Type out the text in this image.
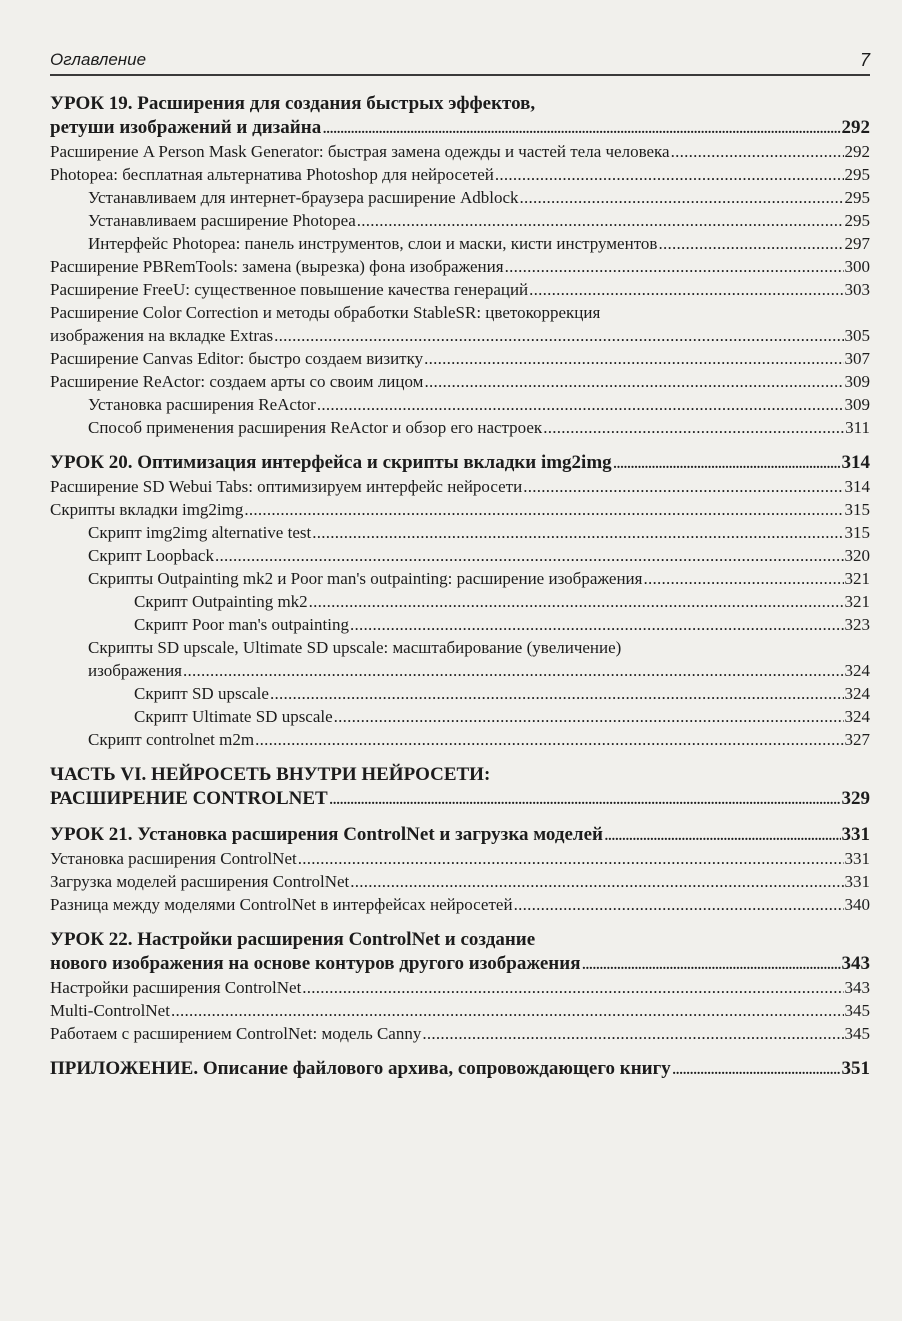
Оглавление	7
УРОК 19. Расширения для создания быстрых эффектов,
ретуши изображений и дизайна . . .	292
Расширение A Person Mask Generator: быстрая замена одежды и частей тела человека . . .	292
Photopea: бесплатная альтернатива Photoshop для нейросетей . . .	295
Устанавливаем для интернет-браузера расширение Adblock . . .	295
Устанавливаем расширение Photopea . . .	295
Интерфейс Photopea: панель инструментов, слои и маски, кисти инструментов . . .	297
Расширение PBRemTools: замена (вырезка) фона изображения . . .	300
Расширение FreeU: существенное повышение качества генераций . . .	303
Расширение Color Correction и методы обработки StableSR: цветокоррекция
изображения на вкладке Extras . . .	305
Расширение Canvas Editor: быстро создаем визитку . . .	307
Расширение ReActor: создаем арты со своим лицом . . .	309
Установка расширения ReActor . . .	309
Способ применения расширения ReActor и обзор его настроек . . .	311
УРОК 20. Оптимизация интерфейса и скрипты вкладки img2img . . .	314
Расширение SD Webui Tabs: оптимизируем интерфейс нейросети . . .	314
Скрипты вкладки img2img . . .	315
Скрипт img2img alternative test . . .	315
Скрипт Loopback . . .	320
Скрипты Outpainting mk2 и Poor man's outpainting: расширение изображения . . .	321
Скрипт Outpainting mk2 . . .	321
Скрипт Poor man's outpainting . . .	323
Скрипты SD upscale, Ultimate SD upscale: масштабирование (увеличение)
изображения . . .	324
Скрипт SD upscale . . .	324
Скрипт Ultimate SD upscale . . .	324
Скрипт controlnet m2m . . .	327
ЧАСТЬ VI. НЕЙРОСЕТЬ ВНУТРИ НЕЙРОСЕТИ:
РАСШИРЕНИЕ CONTROLNET . . .	329
УРОК 21. Установка расширения ControlNet и загрузка моделей . . .	331
Установка расширения ControlNet . . .	331
Загрузка моделей расширения ControlNet . . .	331
Разница между моделями ControlNet в интерфейсах нейросетей . . .	340
УРОК 22. Настройки расширения ControlNet и создание
нового изображения на основе контуров другого изображения . . .	343
Настройки расширения ControlNet . . .	343
Multi-ControlNet . . .	345
Работаем с расширением ControlNet: модель Canny . . .	345
ПРИЛОЖЕНИЕ. Описание файлового архива, сопровождающего книгу . . .	351
